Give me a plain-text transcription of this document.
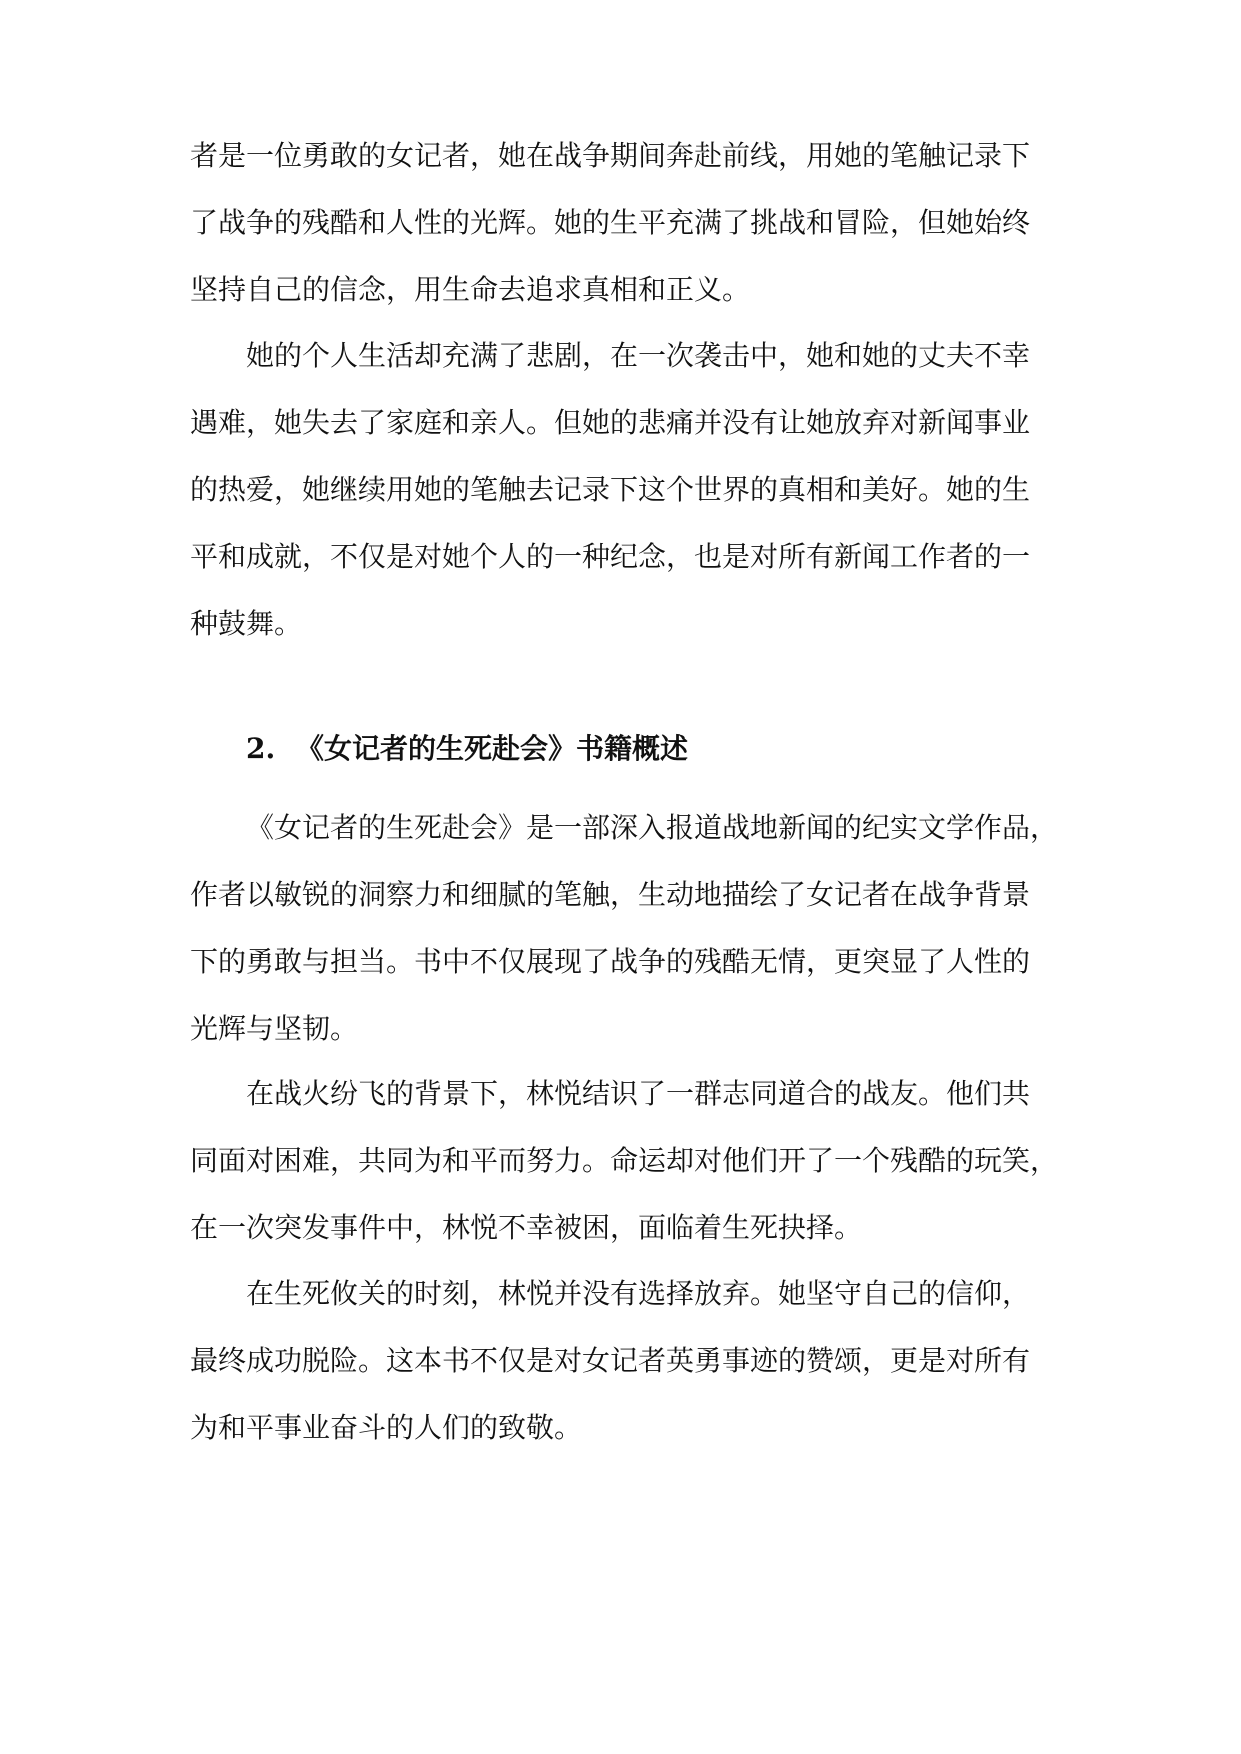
者是一位勇敢的女记者，她在战争期间奔赴前线，用她的笔触记录下
了战争的残酷和人性的光辉。她的生平充满了挑战和冒险，但她始终
坚持自己的信念，用生命去追求真相和正义。
她的个人生活却充满了悲剧，在一次袭击中，她和她的丈夫不幸
遇难，她失去了家庭和亲人。但她的悲痛并没有让她放弃对新闻事业
的热爱，她继续用她的笔触去记录下这个世界的真相和美好。她的生
平和成就，不仅是对她个人的一种纪念，也是对所有新闻工作者的一
种鼓舞。
2. 《女记者的生死赴会》书籍概述
《女记者的生死赴会》是一部深入报道战地新闻的纪实文学作品，
作者以敏锐的洞察力和细腻的笔触，生动地描绘了女记者在战争背景
下的勇敢与担当。书中不仅展现了战争的残酷无情，更突显了人性的
光辉与坚韧。
在战火纷飞的背景下，林悦结识了一群志同道合的战友。他们共
同面对困难，共同为和平而努力。命运却对他们开了一个残酷的玩笑，
在一次突发事件中，林悦不幸被困，面临着生死抉择。
在生死攸关的时刻，林悦并没有选择放弃。她坚守自己的信仰，
最终成功脱险。这本书不仅是对女记者英勇事迹的赞颂，更是对所有
为和平事业奋斗的人们的致敬。
